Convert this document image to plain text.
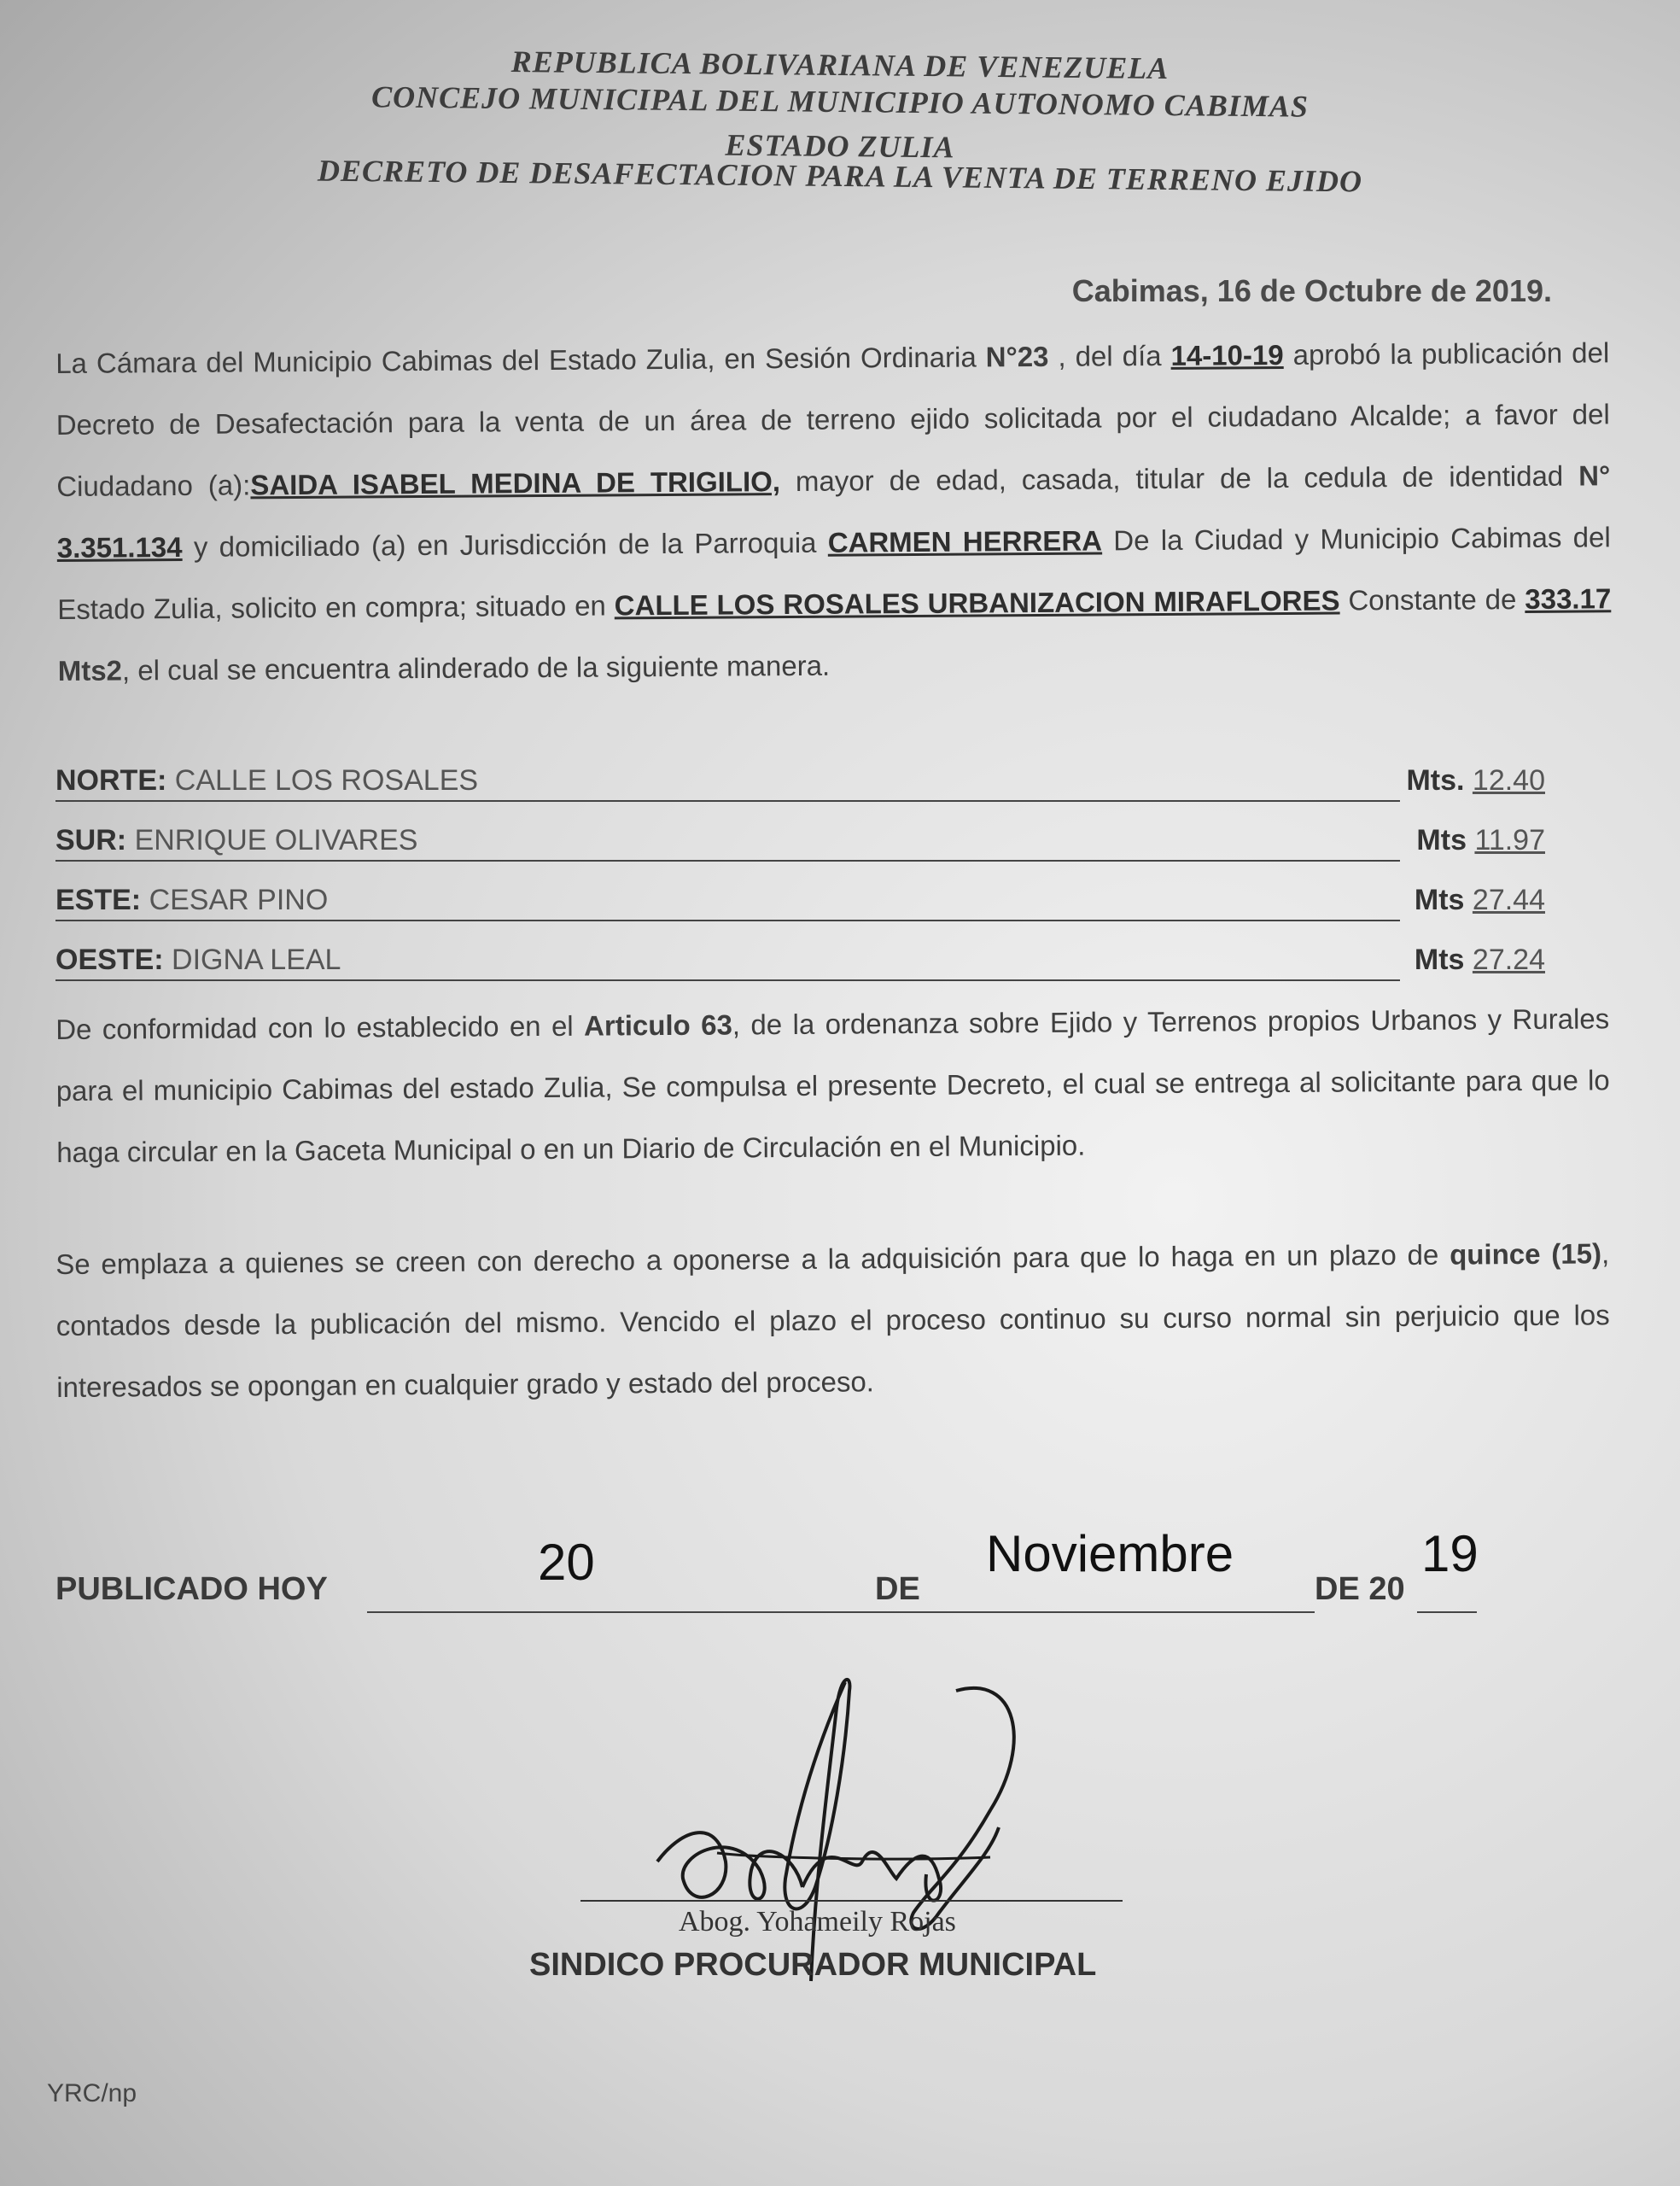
REPUBLICA BOLIVARIANA DE VENEZUELA
CONCEJO MUNICIPAL DEL MUNICIPIO AUTONOMO CABIMAS
ESTADO ZULIA
DECRETO DE DESAFECTACION PARA LA VENTA DE TERRENO EJIDO
Cabimas, 16 de Octubre de 2019.
La Cámara del Municipio Cabimas del Estado Zulia, en Sesión Ordinaria N°23 , del día 14-10-19 aprobó la publicación del Decreto de Desafectación para la venta de un área de terreno ejido solicitada por el ciudadano Alcalde; a favor del Ciudadano (a):SAIDA ISABEL MEDINA DE TRIGILIO, mayor de edad, casada, titular de la cedula de identidad N° 3.351.134 y domiciliado (a) en Jurisdicción de la Parroquia CARMEN HERRERA De la Ciudad y Municipio Cabimas del Estado Zulia, solicito en compra; situado en CALLE LOS ROSALES URBANIZACION MIRAFLORES Constante de 333.17 Mts2, el cual se encuentra alinderado de la siguiente manera.
NORTE: CALLE LOS ROSALES	Mts. 12.40
SUR: ENRIQUE OLIVARES	Mts 11.97
ESTE: CESAR PINO	Mts 27.44
OESTE: DIGNA LEAL	Mts 27.24
De conformidad con lo establecido en el Articulo 63, de la ordenanza sobre Ejido y Terrenos propios Urbanos y Rurales para el municipio Cabimas del estado Zulia, Se compulsa el presente Decreto, el cual se entrega al solicitante para que lo haga circular en la Gaceta Municipal o en un Diario de Circulación en el Municipio.
Se emplaza a quienes se creen con derecho a oponerse a la adquisición para que lo haga en un plazo de quince (15), contados desde la publicación del mismo. Vencido el plazo el proceso continuo su curso normal sin perjuicio que los interesados se opongan en cualquier grado y estado del proceso.
PUBLICADO HOY	20	DE
Noviembre
DE 20
19
Abog. Yohameily Rojas
SINDICO PROCURADOR MUNICIPAL
YRC/np
